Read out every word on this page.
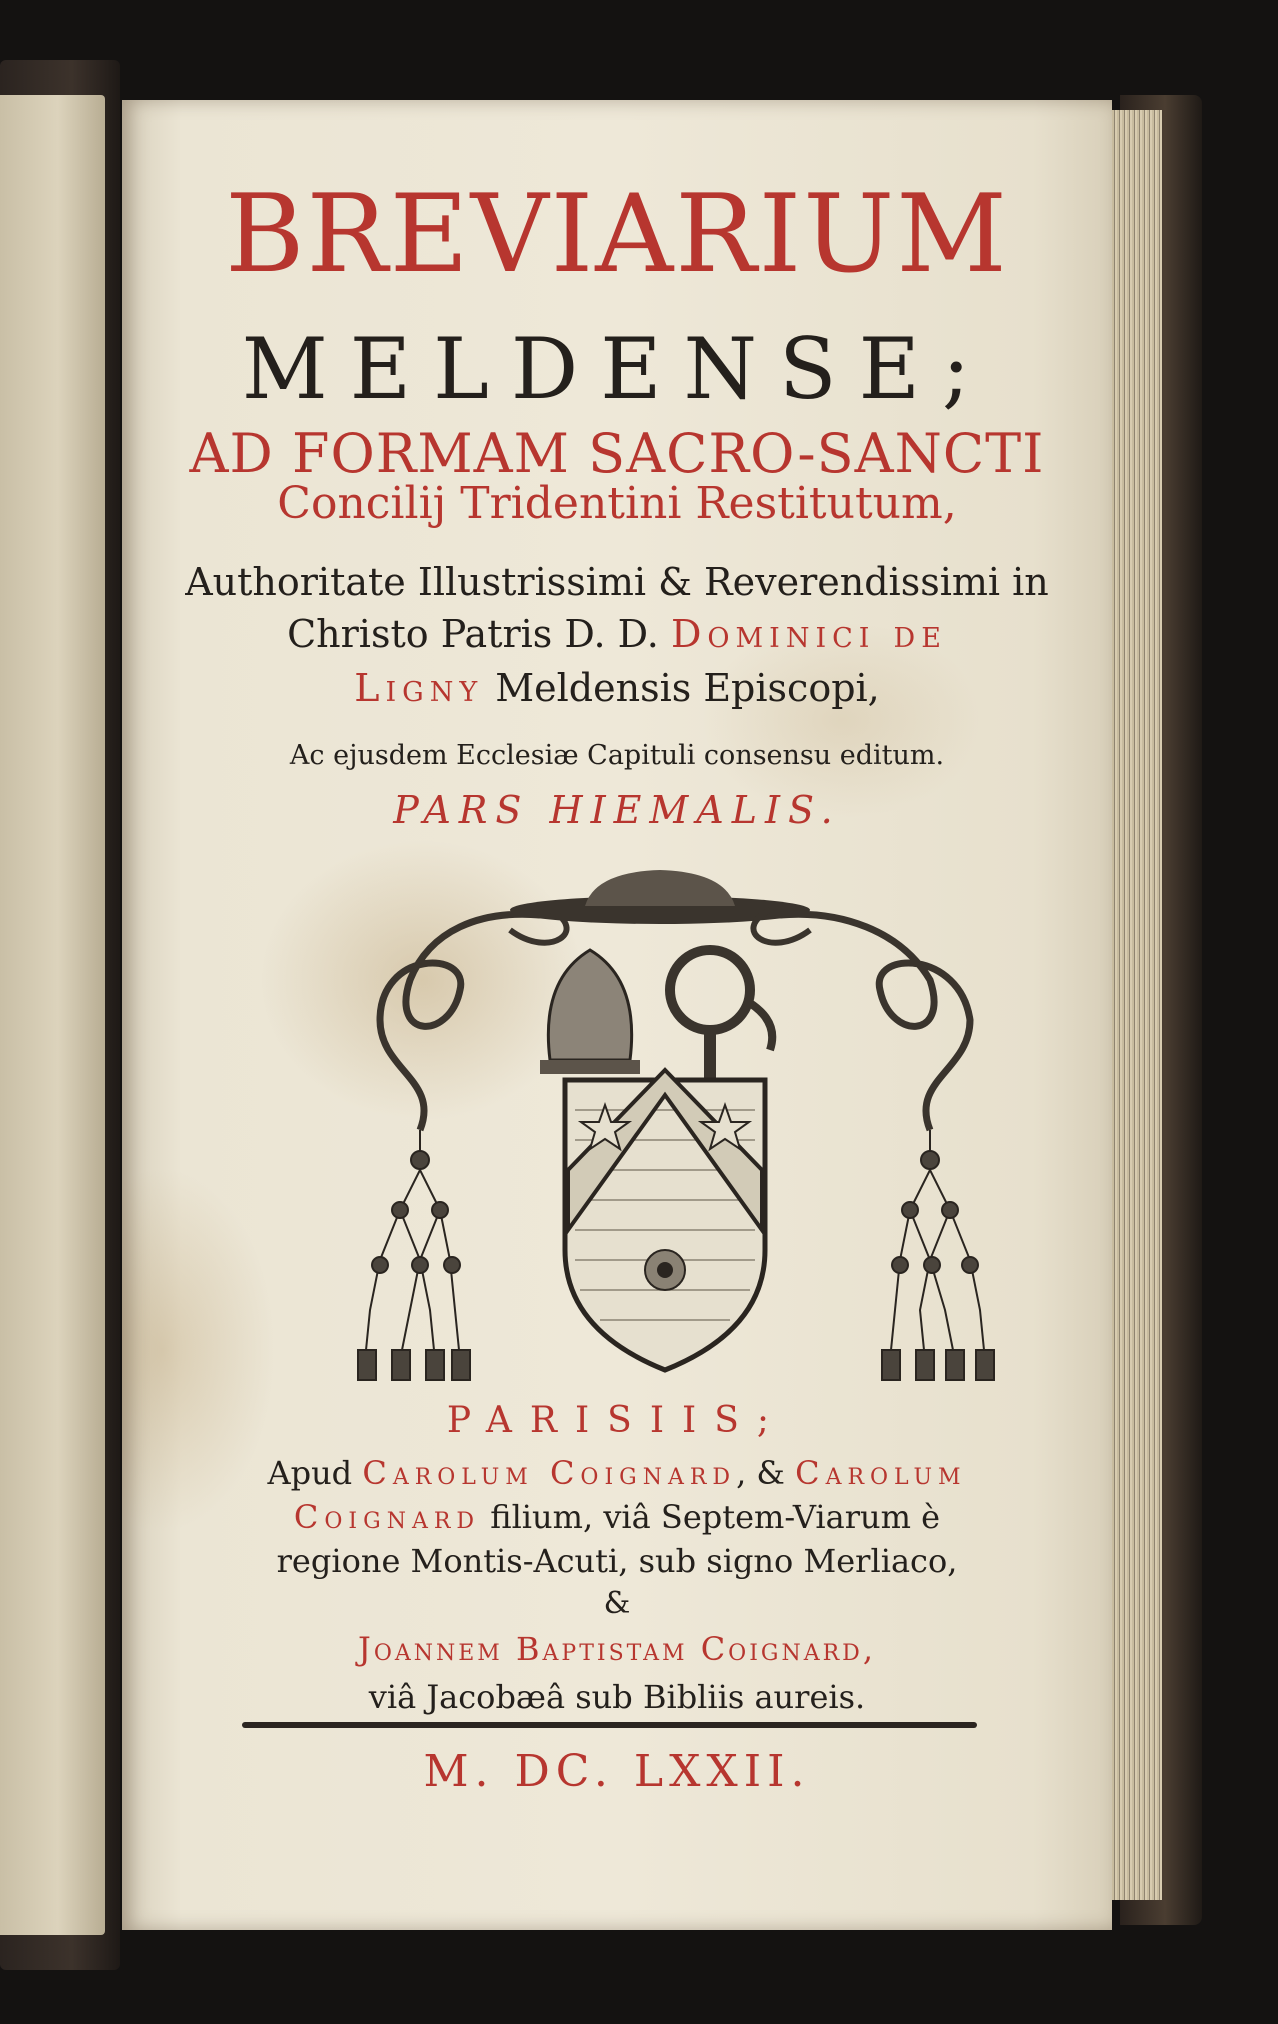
BREVIARIUM

MELDENSE;

AD FORMAM SACRO-SANCTI

Concilij Tridentini Restitutum,

Authoritate Illustrissimi & Reverendissimi in

Christo Patris D. D. Dominici de

Ligny Meldensis Episcopi,

Ac ejusdem Ecclesiæ Capituli consensu editum.

PARS HIEMALIS.

PARISIIS;

Apud Carolum Coignard, & Carolum

Coignard filium, viâ Septem-Viarum è

regione Montis-Acuti, sub signo Merliaco,

&

Joannem Baptistam Coignard,

viâ Jacobæâ sub Bibliis aureis.

M. DC. LXXII.
